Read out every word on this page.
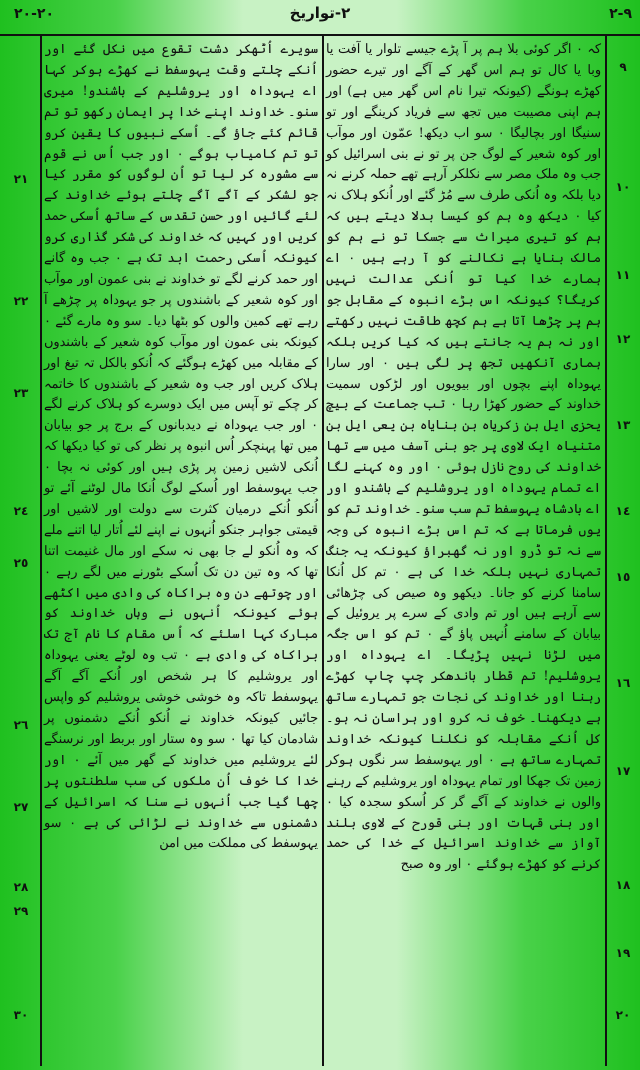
٢٠-٢٠	٢-تواریخ	٩-٢
٩
١٠
١١
١٢
١٣
١٤
١٥
١٦
١٧
١٨
١٩
٢٠
کہ ۰ اگر کوئی بلا ہم پر آ پڑے جیسے تلوار یا آفت یا وبا یا کال تو ہم اس گھر کے آگے اور تیرے حضور کھڑے ہونگے (کیونکہ تیرا نام اس گھر میں ہے) اور ہم اپنی مصیبت میں تجھ سے فریاد کرینگے اور تو سنیگا اور بچالیگا ۰ سو اب دیکھ! عمّون اور موآب اور کوہ شعیر کے لوگ جن پر تو نے بنی اسرائیل کو جب وہ ملک مصر سے نکلکر آرہے تھے حملہ کرنے نہ دیا بلکہ وہ اُنکی طرف سے مُڑ گئے اور اُنکو ہلاک نہ کیا ۰ دیکھ وہ ہم کو کیسا بدلا دیتے ہیں کہ ہم کو تیری میراث سے جسکا تو نے ہم کو مالک بنایا ہے نکالنے کو آ رہے ہیں ۰ اے ہمارے خدا کیا تو اُنکی عدالت نہیں کریگا؟ کیونکہ اس بڑے انبوہ کے مقابل جو ہم پر چڑھا آتا ہے ہم کچھ طاقت نہیں رکھتے اور نہ ہم یہ جانتے ہیں کہ کیا کریں بلکہ ہماری آنکھیں تجھ پر لگی ہیں ۰ اور سارا یہوداہ اپنے بچوں اور بیویوں اور لڑکوں سمیت خداوند کے حضور کھڑا رہا ۰ تب جماعت کے بیچ یحزی ایل بن زکریاہ بن بنایاہ بن یعی ایل بن متنیاہ ایک لاوی پر جو بنی آسف میں سے تھا خداوند کی روح نازل ہوئی ۰ اور وہ کہنے لگا اے تمام یہوداہ اور یروشلیم کے باشندو اور اے بادشاہ یہوسفط تم سب سنو۔ خداوند تم کو یوں فرماتا ہے کہ تم اس بڑے انبوہ کی وجہ سے نہ تو ڈرو اور نہ گھبراؤ کیونکہ یہ جنگ تمہاری نہیں بلکہ خدا کی ہے ۰ تم کل اُنکا سامنا کرنے کو جانا۔ دیکھو وہ صیص کی چڑھائی سے آرہے ہیں اور تم وادی کے سرے پر یروئیل کے بیابان کے سامنے اُنہیں پاؤ گے ۰ تم کو اس جگہ میں لڑنا نہیں پڑیگا۔ اے یہوداہ اور یروشلیم! تم قطار باندھکر چپ چاپ کھڑے رہنا اور خداوند کی نجات جو تمہارے ساتھ ہے دیکھنا۔ خوف نہ کرو اور ہراسان نہ ہو۔ کل اُنکے مقابلہ کو نکلنا کیونکہ خداوند تمہارے ساتھ ہے ۰ اور یہوسفط سر نگوں ہوکر زمین تک جھکا اور تمام یہوداہ اور یروشلیم کے رہنے والوں نے خداوند کے آگے گر کر اُسکو سجدہ کیا ۰ اور بنی قہات اور بنی قورح کے لاوی بلند آواز سے خداوند اسرائیل کے خدا کی حمد کرنے کو کھڑے ہوگئے ۰ اور وہ صبح
سویرے اُٹھکر دشت تقوع میں نکل گئے اور اُنکے چلتے وقت یہوسفط نے کھڑے ہوکر کہا اے یہوداہ اور یروشلیم کے باشندو! میری سنو۔ خداوند اپنے خدا پر ایمان رکھو تو تم قائم کئے جاؤ گے۔ اُسکے نبیوں کا یقین کرو تو تم کامیاب ہوگے ۰ اور جب اُس نے قوم سے مشورہ کر لیا تو اُن لوگوں کو مقرر کیا جو لشکر کے آگے آگے چلتے ہوئے خداوند کے لئے گائیں اور حسن تقدس کے ساتھ اُسکی حمد کریں اور کہیں کہ خداوند کی شکر گذاری کرو کیونکہ اُسکی رحمت ابد تک ہے ۰ جب وہ گانے اور حمد کرنے لگے تو خداوند نے بنی عمون اور موآب اور کوہ شعیر کے باشندوں پر جو یہوداہ پر چڑھے آ رہے تھے کمین والوں کو بٹھا دیا۔ سو وہ مارے گئے ۰ کیونکہ بنی عمون اور موآب کوہ شعیر کے باشندوں کے مقابلہ میں کھڑے ہوگئے کہ اُنکو بالکل تہ تیغ اور ہلاک کریں اور جب وہ شعیر کے باشندوں کا خاتمہ کر چکے تو آپس میں ایک دوسرے کو ہلاک کرنے لگے ۰ اور جب یہوداہ نے دیدبانوں کے برج پر جو بیابان میں تھا پہنچکر اُس انبوہ پر نظر کی تو کیا دیکھا کہ اُنکی لاشیں زمین پر پڑی ہیں اور کوئی نہ بچا ۰ جب یہوسفط اور اُسکے لوگ اُنکا مال لوٹنے آئے تو اُنکو اُنکے درمیان کثرت سے دولت اور لاشیں اور قیمتی جواہر جنکو اُنہوں نے اپنے لئے اُتار لیا اتنے ملے کہ وہ اُنکو لے جا بھی نہ سکے اور مال غنیمت اتنا تھا کہ وہ تین دن تک اُسکے بٹورنے میں لگے رہے ۰ اور چوتھے دن وہ براکاہ کی وادی میں اکٹھے ہوئے کیونکہ اُنہوں نے وہاں خداوند کو مبارک کہا اسلئے کہ اُس مقام کا نام آج تک براکاہ کی وادی ہے ۰ تب وہ لوٹے یعنی یہوداہ اور یروشلیم کا ہر شخص اور اُنکے آگے آگے یہوسفط تاکہ وہ خوشی خوشی یروشلیم کو واپس جائیں کیونکہ خداوند نے اُنکو اُنکے دشمنوں پر شادمان کیا تھا ۰ سو وہ ستار اور بربط اور نرسنگے لئے یروشلیم میں خداوند کے گھر میں آئے ۰ اور خدا کا خوف اُن ملکوں کی سب سلطنتوں پر چھا گیا جب اُنہوں نے سنا کہ اسرائیل کے دشمنوں سے خداوند نے لڑائی کی ہے ۰ سو یہوسفط کی مملکت میں امن
٢١
٢٢
٢٣
٢٤
٢٥
٢٦
٢٧
٢٨
٢٩
٣٠
